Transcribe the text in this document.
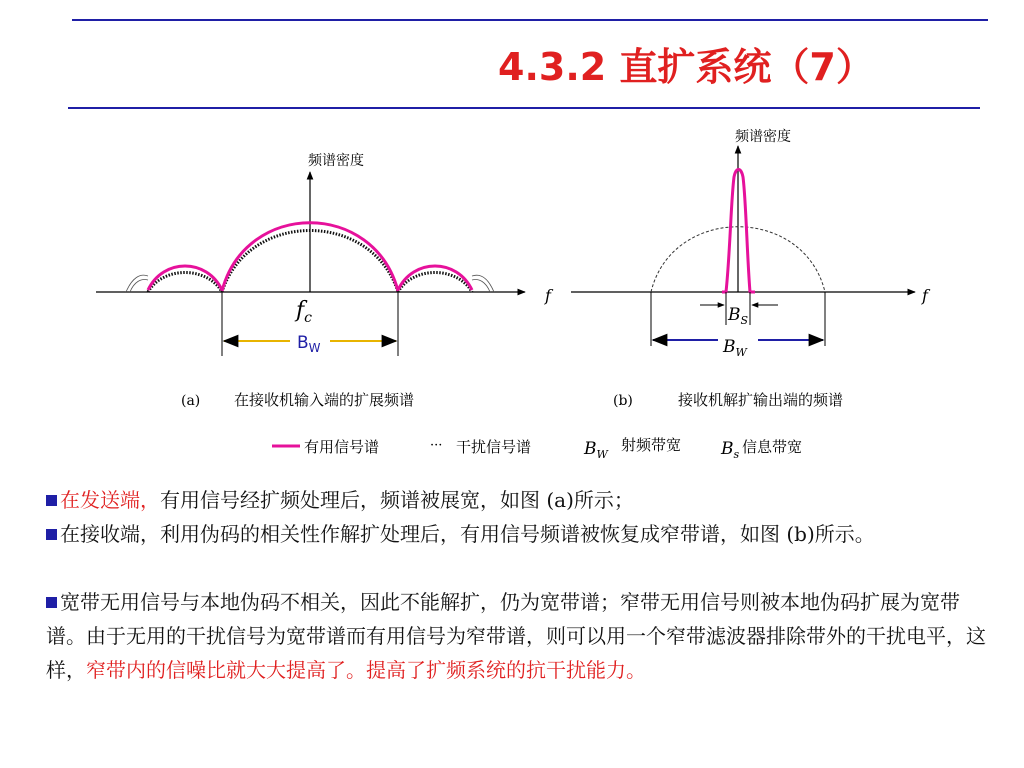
4.3.2 直扩系统（7）
频谱密度
f
$f_c$
$B_W$
(a) 在接收机输入端的扩展频谱
频谱密度
f
$B_S$
$B_W$
(b)	接收机解扩输出端的频谱
有用信号谱	··· 干扰信号谱	$B_W$
射频带宽 $B_s$ 信息带宽
在发送端，有用信号经扩频处理后，频谱被展宽，如图 (a)所示；
在接收端，利用伪码的相关性作解扩处理后，有用信号频谱被恢复成窄带谱，如图 (b)所示。
宽带无用信号与本地伪码不相关，因此不能解扩，仍为宽带谱；窄带无用信号则被本地伪码扩展为宽带谱。由于无用的干扰信号为宽带谱而有用信号为窄带谱，则可以用一个窄带滤波器排除带外的干扰电平，这样，窄带内的信噪比就大大提高了。提高了扩频系统的抗干扰能力。
